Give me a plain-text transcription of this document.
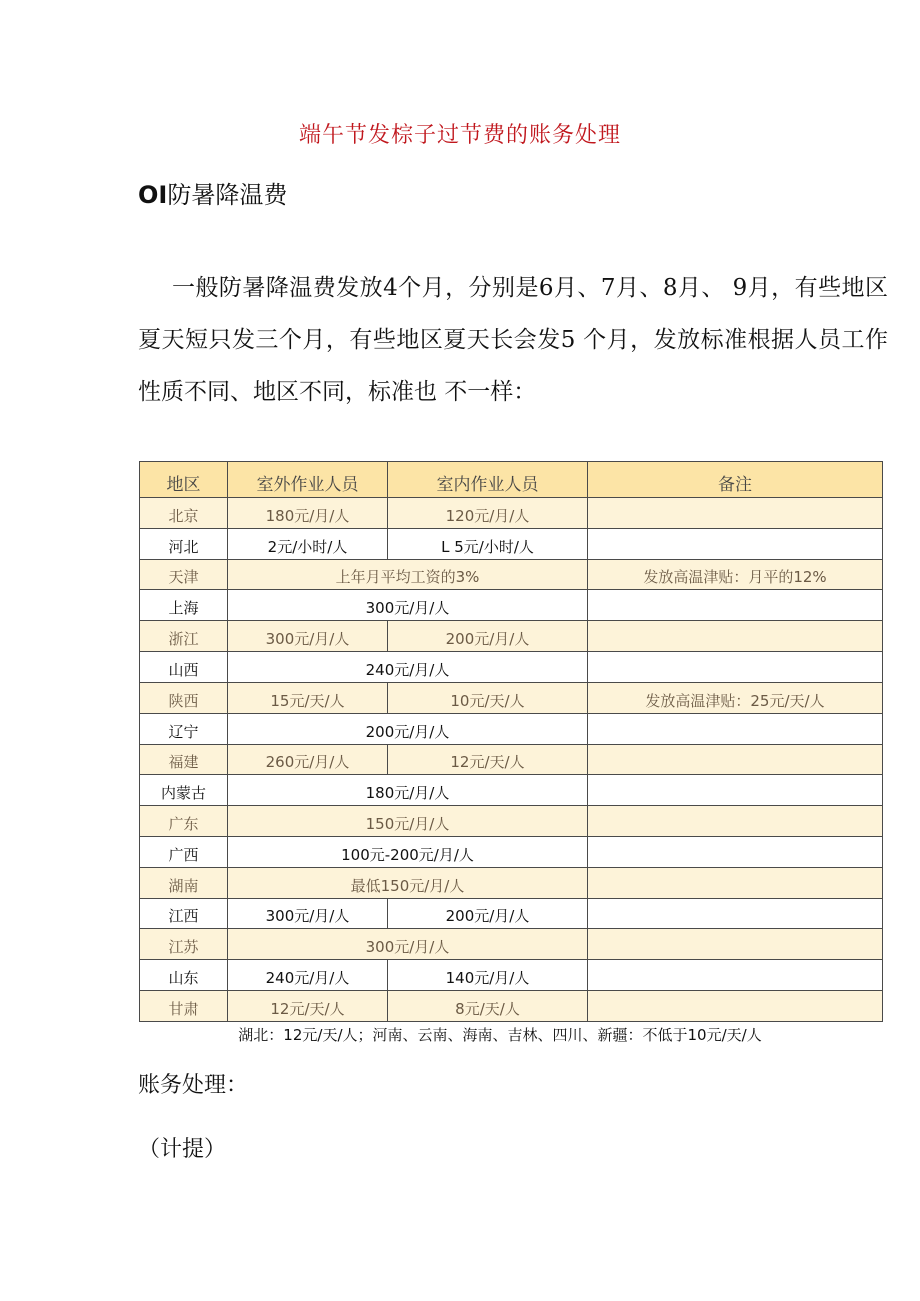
端午节发棕子过节费的账务处理
OI防暑降温费
一般防暑降温费发放4个月，分别是6月、7月、8月、 9月，有些地区夏天短只发三个月，有些地区夏天长会发5 个月，发放标准根据人员工作性质不同、地区不同，标准也 不一样：
地区	室外作业人员	室内作业人员	备注
北京	180元/月/人	120元/月/人	
河北	2元/小时/人	L 5元/小时/人	
天津	上年月平均工资的3%		发放高温津贴：月平的12%
上海	300元/月/人		
浙江	300元/月/人	200元/月/人	
山西	240元/月/人		
陕西	15元/天/人	10元/天/人	发放高温津贴：25元/天/人
辽宁	200元/月/人		
福建	260元/月/人	12元/天/人	
内蒙古	180元/月/人		
广东	150元/月/人		
广西	100元-200元/月/人		
湖南	最低150元/月/人		
江西	300元/月/人	200元/月/人	
江苏	300元/月/人		
山东	240元/月/人	140元/月/人	
甘肃	12元/天/人	8元/天/人	
湖北：12元/天/人；河南、云南、海南、吉林、四川、新疆：不低于10元/天/人
账务处理：
（计提）
